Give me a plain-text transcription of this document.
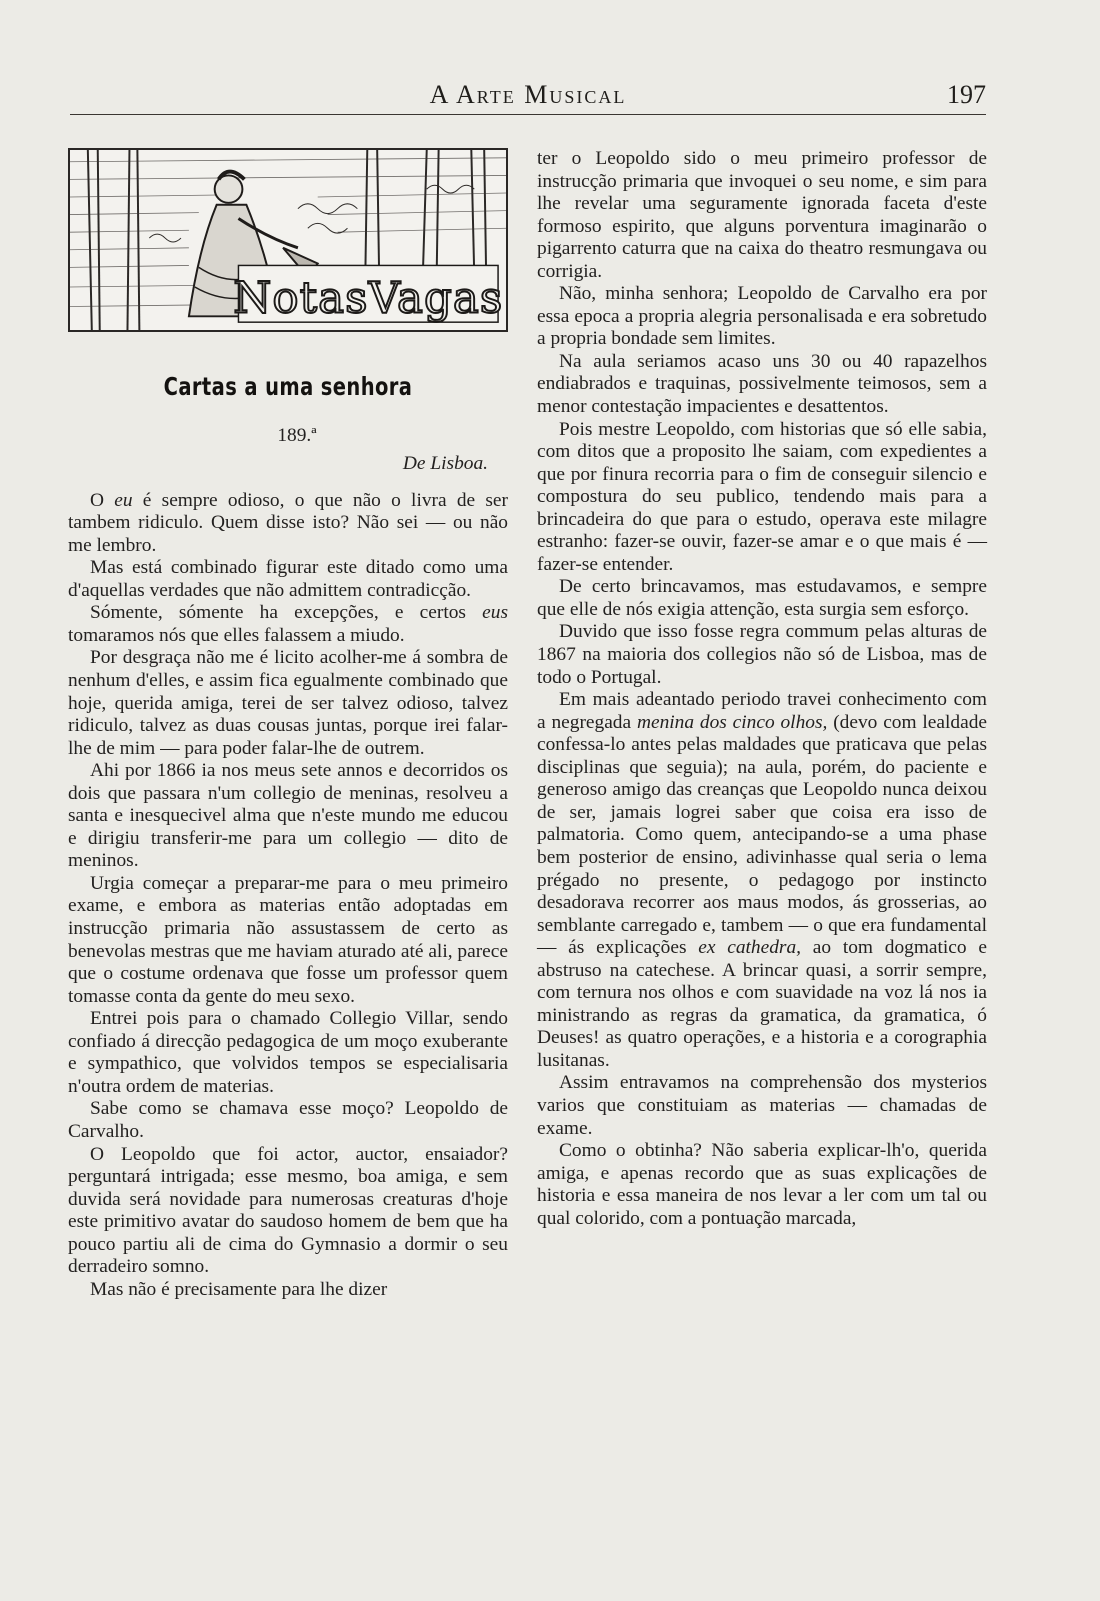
A Arte Musical	197
NotasVagas
Cartas a uma senhora
189.ª
De Lisboa.

O eu é sempre odioso, o que não o livra de ser tambem ridiculo. Quem disse isto? Não sei — ou não me lembro.

Mas está combinado figurar este ditado como uma d'aquellas verdades que não admittem contradicção.

Sómente, sómente ha excepções, e certos eus tomaramos nós que elles falassem a miudo.

Por desgraça não me é licito acolher-me á sombra de nenhum d'elles, e assim fica egualmente combinado que hoje, querida amiga, terei de ser talvez odioso, talvez ridiculo, talvez as duas cousas juntas, porque irei falar-lhe de mim — para poder falar-lhe de outrem.

Ahi por 1866 ia nos meus sete annos e decorridos os dois que passara n'um collegio de meninas, resolveu a santa e inesquecivel alma que n'este mundo me educou e dirigiu transferir-me para um collegio — dito de meninos.

Urgia começar a preparar-me para o meu primeiro exame, e embora as materias então adoptadas em instrucção primaria não assustassem de certo as benevolas mestras que me haviam aturado até ali, parece que o costume ordenava que fosse um professor quem tomasse conta da gente do meu sexo.

Entrei pois para o chamado Collegio Villar, sendo confiado á direcção pedagogica de um moço exuberante e sympathico, que volvidos tempos se especialisaria n'outra ordem de materias.

Sabe como se chamava esse moço? Leopoldo de Carvalho.

O Leopoldo que foi actor, auctor, ensaiador? perguntará intrigada; esse mesmo, boa amiga, e sem duvida será novidade para numerosas creaturas d'hoje este primitivo avatar do saudoso homem de bem que ha pouco partiu ali de cima do Gymnasio a dormir o seu derradeiro somno.

Mas não é precisamente para lhe dizer

ter o Leopoldo sido o meu primeiro professor de instrucção primaria que invoquei o seu nome, e sim para lhe revelar uma seguramente ignorada faceta d'este formoso espirito, que alguns porventura imaginarão o pigarrento caturra que na caixa do theatro resmungava ou corrigia.

Não, minha senhora; Leopoldo de Carvalho era por essa epoca a propria alegria personalisada e era sobretudo a propria bondade sem limites.

Na aula seriamos acaso uns 30 ou 40 rapazelhos endiabrados e traquinas, possivelmente teimosos, sem a menor contestação impacientes e desattentos.

Pois mestre Leopoldo, com historias que só elle sabia, com ditos que a proposito lhe saiam, com expedientes a que por finura recorria para o fim de conseguir silencio e compostura do seu publico, tendendo mais para a brincadeira do que para o estudo, operava este milagre estranho: fazer-se ouvir, fazer-se amar e o que mais é — fazer-se entender.

De certo brincavamos, mas estudavamos, e sempre que elle de nós exigia attenção, esta surgia sem esforço.

Duvido que isso fosse regra commum pelas alturas de 1867 na maioria dos collegios não só de Lisboa, mas de todo o Portugal.

Em mais adeantado periodo travei conhecimento com a negregada menina dos cinco olhos, (devo com lealdade confessa-lo antes pelas maldades que praticava que pelas disciplinas que seguia); na aula, porém, do paciente e generoso amigo das creanças que Leopoldo nunca deixou de ser, jamais logrei saber que coisa era isso de palmatoria. Como quem, antecipando-se a uma phase bem posterior de ensino, adivinhasse qual seria o lema prégado no presente, o pedagogo por instincto desadorava recorrer aos maus modos, ás grosserias, ao semblante carregado e, tambem — o que era fundamental — ás explicações ex cathedra, ao tom dogmatico e abstruso na catechese. A brincar quasi, a sorrir sempre, com ternura nos olhos e com suavidade na voz lá nos ia ministrando as regras da gramatica, da gramatica, ó Deuses! as quatro operações, e a historia e a corographia lusitanas.

Assim entravamos na comprehensão dos mysterios varios que constituiam as materias — chamadas de exame.

Como o obtinha? Não saberia explicar-lh'o, querida amiga, e apenas recordo que as suas explicações de historia e essa maneira de nos levar a ler com um tal ou qual colorido, com a pontuação marcada,
